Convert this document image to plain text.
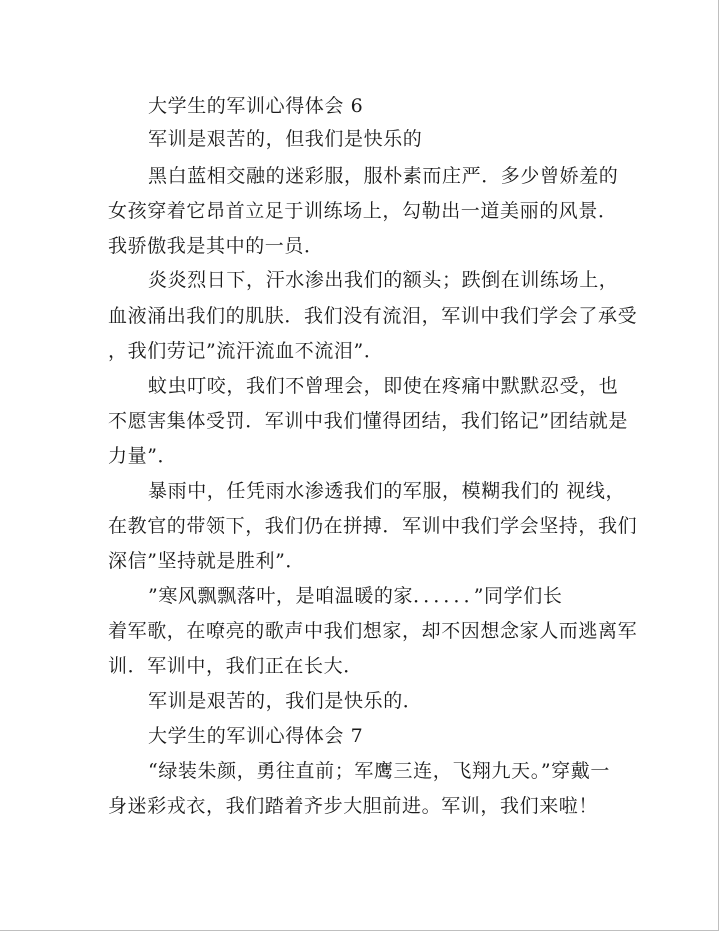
大学生的军训心得体会 6
军训是艰苦的，但我们是快乐的
黑白蓝相交融的迷彩服，服朴素而庄严．多少曾娇羞的
女孩穿着它昂首立足于训练场上，勾勒出一道美丽的风景．
我骄傲我是其中的一员．
炎炎烈日下，汗水渗出我们的额头；跌倒在训练场上，
血液涌出我们的肌肤．我们没有流泪，军训中我们学会了承受
，我们劳记”流汗流血不流泪”．
蚊虫叮咬，我们不曾理会，即使在疼痛中默默忍受，也
不愿害集体受罚．军训中我们懂得团结，我们铭记”团结就是
力量”．
暴雨中，任凭雨水渗透我们的军服，模糊我们的 视线，
在教官的带领下，我们仍在拼搏．军训中我们学会坚持，我们
深信”坚持就是胜利”．
”寒风飘飘落叶，是咱温暖的家．．．．．．”同学们长
着军歌，在嘹亮的歌声中我们想家，却不因想念家人而逃离军
训．军训中，我们正在长大．
军训是艰苦的，我们是快乐的．
大学生的军训心得体会 7
“绿装朱颜，勇往直前；军鹰三连，飞翔九天。”穿戴一
身迷彩戎衣，我们踏着齐步大胆前进。军训，我们来啦！
